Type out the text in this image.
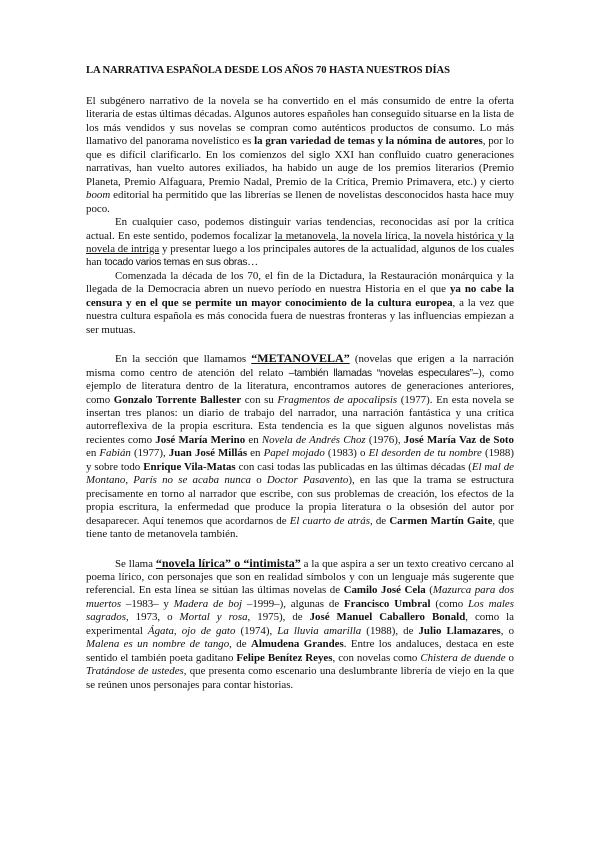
LA NARRATIVA ESPAÑOLA DESDE LOS AÑOS 70 HASTA NUESTROS DÍAS

El subgénero narrativo de la novela se ha convertido en el más consumido de entre la oferta literaria de estas últimas décadas. Algunos autores españoles han conseguido situarse en la lista de los más vendidos y sus novelas se compran como auténticos productos de consumo. Lo más llamativo del panorama novelístico es la gran variedad de temas y la nómina de autores, por lo que es difícil clarificarlo. En los comienzos del siglo XXI han confluido cuatro generaciones narrativas, han vuelto autores exiliados, ha habido un auge de los premios literarios (Premio Planeta, Premio Alfaguara, Premio Nadal, Premio de la Crítica, Premio Primavera, etc.) y cierto boom editorial ha permitido que las librerías se llenen de novelistas desconocidos hasta hace muy poco.

En cualquier caso, podemos distinguir varias tendencias, reconocidas así por la crítica actual. En este sentido, podemos focalizar la metanovela, la novela lírica, la novela histórica y la novela de intriga y presentar luego a los principales autores de la actualidad, algunos de los cuales han tocado varios temas en sus obras…

Comenzada la década de los 70, el fin de la Dictadura, la Restauración monárquica y la llegada de la Democracia abren un nuevo período en nuestra Historia en el que ya no cabe la censura y en el que se permite un mayor conocimiento de la cultura europea, a la vez que nuestra cultura española es más conocida fuera de nuestras fronteras y las influencias empiezan a ser mutuas.

En la sección que llamamos “METANOVELA” (novelas que erigen a la narración misma como centro de atención del relato –también llamadas “novelas especulares”–), como ejemplo de literatura dentro de la literatura, encontramos autores de generaciones anteriores, como Gonzalo Torrente Ballester con su Fragmentos de apocalipsis (1977). En esta novela se insertan tres planos: un diario de trabajo del narrador, una narración fantástica y una crítica autorreflexiva de la propia escritura. Esta tendencia es la que siguen algunos novelistas más recientes como José María Merino en Novela de Andrés Choz (1976), José María Vaz de Soto en Fabián (1977), Juan José Millás en Papel mojado (1983) o El desorden de tu nombre (1988) y sobre todo Enrique Vila-Matas con casi todas las publicadas en las últimas décadas (El mal de Montano, París no se acaba nunca o Doctor Pasavento), en las que la trama se estructura precisamente en torno al narrador que escribe, con sus problemas de creación, los efectos de la propia escritura, la enfermedad que produce la propia literatura o la obsesión del autor por desaparecer. Aquí tenemos que acordarnos de El cuarto de atrás, de Carmen Martín Gaite, que tiene tanto de metanovela también.

Se llama “novela lírica” o “intimista” a la que aspira a ser un texto creativo cercano al poema lírico, con personajes que son en realidad símbolos y con un lenguaje más sugerente que referencial. En esta línea se sitúan las últimas novelas de Camilo José Cela (Mazurca para dos muertos –1983– y Madera de boj –1999–), algunas de Francisco Umbral (como Los males sagrados, 1973, o Mortal y rosa, 1975), de José Manuel Caballero Bonald, como la experimental Ágata, ojo de gato (1974), La lluvia amarilla (1988), de Julio Llamazares, o Malena es un nombre de tango, de Almudena Grandes. Entre los andaluces, destaca en este sentido el también poeta gaditano Felipe Benítez Reyes, con novelas como Chistera de duende o Tratándose de ustedes, que presenta como escenario una deslumbrante librería de viejo en la que se reúnen unos personajes para contar historias.
